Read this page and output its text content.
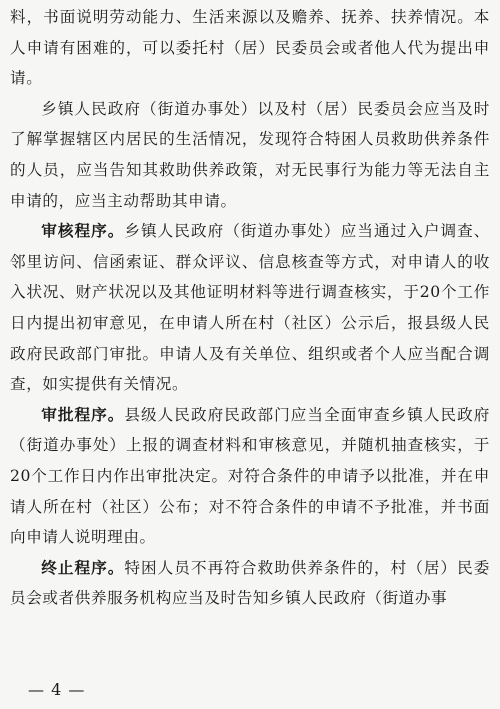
料，书面说明劳动能力、生活来源以及赡养、抚养、扶养情况。本人申请有困难的，可以委托村（居）民委员会或者他人代为提出申请。

乡镇人民政府（街道办事处）以及村（居）民委员会应当及时了解掌握辖区内居民的生活情况，发现符合特困人员救助供养条件的人员，应当告知其救助供养政策，对无民事行为能力等无法自主申请的，应当主动帮助其申请。

审核程序。乡镇人民政府（街道办事处）应当通过入户调查、邻里访问、信函索证、群众评议、信息核查等方式，对申请人的收入状况、财产状况以及其他证明材料等进行调查核实，于20个工作日内提出初审意见，在申请人所在村（社区）公示后，报县级人民政府民政部门审批。申请人及有关单位、组织或者个人应当配合调查，如实提供有关情况。

审批程序。县级人民政府民政部门应当全面审查乡镇人民政府（街道办事处）上报的调查材料和审核意见，并随机抽查核实，于20个工作日内作出审批决定。对符合条件的申请予以批准，并在申请人所在村（社区）公布；对不符合条件的申请不予批准，并书面向申请人说明理由。

终止程序。特困人员不再符合救助供养条件的，村（居）民委员会或者供养服务机构应当及时告知乡镇人民政府（街道办事

— 4 —
